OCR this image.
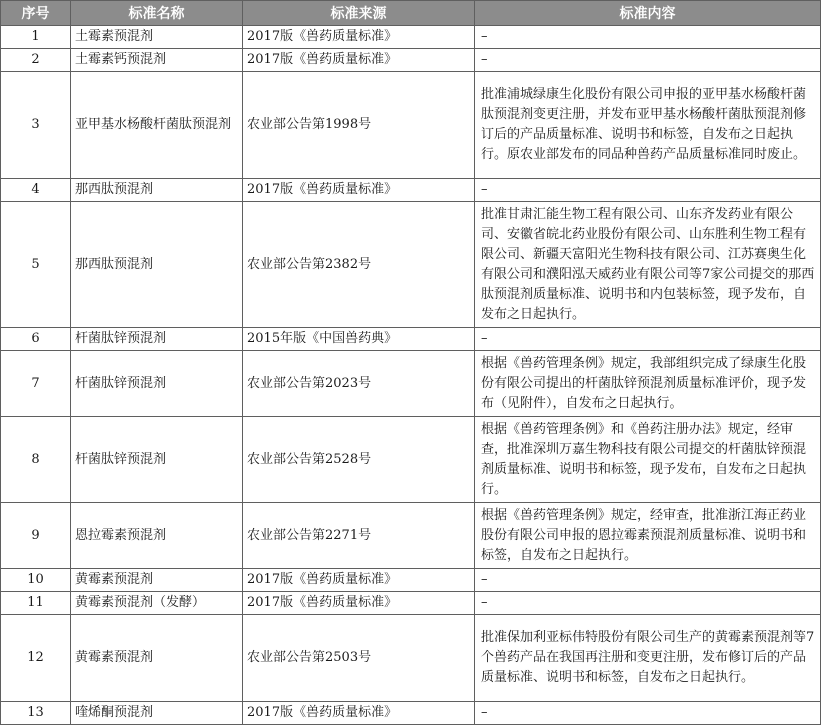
序号	标准名称	标准来源	标准内容
1	土霉素预混剂	2017版《兽药质量标准》	–
2	土霉素钙预混剂	2017版《兽药质量标准》	–
3	亚甲基水杨酸杆菌肽预混剂	农业部公告第1998号	批准浦城绿康生化股份有限公司申报的亚甲基水杨酸杆菌肽预混剂变更注册，并发布亚甲基水杨酸杆菌肽预混剂修订后的产品质量标准、说明书和标签，自发布之日起执行。原农业部发布的同品种兽药产品质量标准同时废止。
4	那西肽预混剂	2017版《兽药质量标准》	–
5	那西肽预混剂	农业部公告第2382号	批准甘肃汇能生物工程有限公司、山东齐发药业有限公司、安徽省皖北药业股份有限公司、山东胜利生物工程有限公司、新疆天富阳光生物科技有限公司、江苏赛奥生化有限公司和濮阳泓天威药业有限公司等7家公司提交的那西肽预混剂质量标准、说明书和内包装标签，现予发布，自发布之日起执行。
6	杆菌肽锌预混剂	2015年版《中国兽药典》	–
7	杆菌肽锌预混剂	农业部公告第2023号	根据《兽药管理条例》规定，我部组织完成了绿康生化股份有限公司提出的杆菌肽锌预混剂质量标准评价，现予发布（见附件），自发布之日起执行。
8	杆菌肽锌预混剂	农业部公告第2528号	根据《兽药管理条例》和《兽药注册办法》规定，经审查，批准深圳万嘉生物科技有限公司提交的杆菌肽锌预混剂质量标准、说明书和标签，现予发布，自发布之日起执行。
9	恩拉霉素预混剂	农业部公告第2271号	根据《兽药管理条例》规定，经审查，批准浙江海正药业股份有限公司申报的恩拉霉素预混剂质量标准、说明书和标签，自发布之日起执行。
10	黄霉素预混剂	2017版《兽药质量标准》	–
11	黄霉素预混剂（发酵）	2017版《兽药质量标准》	–
12	黄霉素预混剂	农业部公告第2503号	批准保加利亚标伟特股份有限公司生产的黄霉素预混剂等7个兽药产品在我国再注册和变更注册，发布修订后的产品质量标准、说明书和标签，自发布之日起执行。
13	喹烯酮预混剂	2017版《兽药质量标准》	–
